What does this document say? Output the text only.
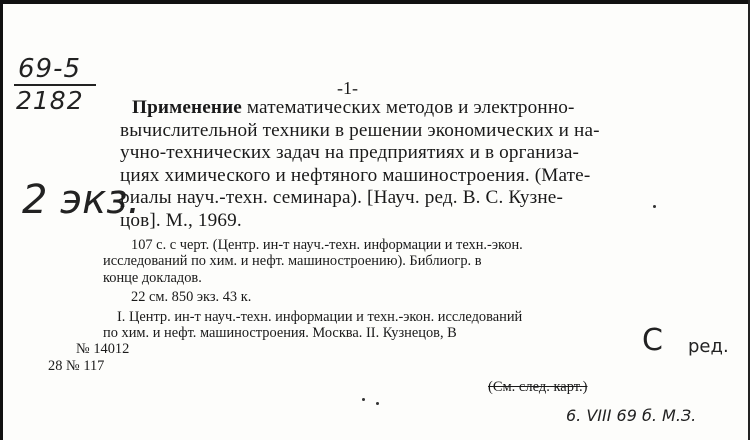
69-5
2182
2 экз.
-1-
Применение математических методов и электронно-
вычислительной техники в решении экономических и на-
учно-технических задач на предприятиях и в организа-
циях химического и нефтяного машиностроения. (Мате-
риалы науч.-техн. семинара). [Науч. ред. В. С. Кузне-
цов]. М., 1969.
107 с. с черт. (Центр. ин-т науч.-техн. информации и техн.-экон.
исследований по хим. и нефт. машиностроению). Библиогр. в
конце докладов.
22 см. 850 экз. 43 к.
I. Центр. ин-т науч.-техн. информации и техн.-экон. исследований
по хим. и нефт. машиностроения. Москва. II. Кузнецов, В
№ 14012
28 № 117
С ред.
(См. след. карт.)
6. VIII 69 б. М.З.
